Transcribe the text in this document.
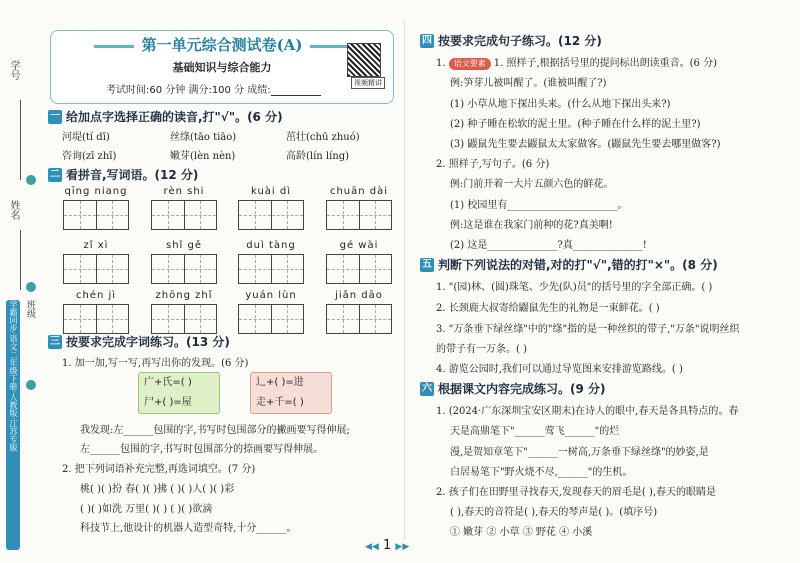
学号
姓名
班级
学霸同步·语文二年级下册·人教版·江苏专版
第一单元综合测试卷(A)
基础知识与综合能力
考试时间:60 分钟 满分:100 分 成绩:
视频精讲
一 给加点字选择正确的读音,打"√"。(6 分)
河堤(tí dī)	丝绦(tāo tiāo)	茁壮(chū zhuó)
咨询(zī zhī)	嫩芽(lèn nèn)	高龄(lín líng)
二 看拼音,写词语。(12 分)
qīng niang	rèn shi	kuài dì	chuān dài
zǐ xì	shǐ gě	duì tàng	gé wài
chén jì	zhōng zhǐ	yuán lùn	jiǎn dāo
三 按要求完成字词练习。(13 分)
1. 加一加,写一写,再写出你的发现。(6 分)
广+氏=( )
尸+( )=屋
辶+( )=进
走+千=( )
我发现:左______包围的字,书写时包围部分的撇画要写得伸展;
左______包围的字,书写时包围部分的捺画要写得伸展。
2. 把下列词语补充完整,再选词填空。(7 分)
桃( )( )扮 春( )( )拂 ( )( )人( )( )彩
( )( )如洗 万里( )( ) ( )( )欲滴
科技节上,他设计的机器人造型奇特,十分______。
四 按要求完成句子练习。(12 分)
1. 语文要素 1. 照样子,根据括号里的提问标出朗读重音。(6 分)
例:笋芽儿被叫醒了。(谁被叫醒了?)
(1) 小草从地下探出头来。(什么从地下探出头来?)
(2) 种子睡在松软的泥土里。(种子睡在什么样的泥土里?)
(3) 鼹鼠先生要去鼹鼠太太家做客。(鼹鼠先生要去哪里做客?)
2. 照样子,写句子。(6 分)
例:门前开着一大片五颜六色的鲜花。
(1) 校园里有______________________。
例:这是谁在我家门前种的花?真美啊!
(2) 这是______________?真______________!
五 判断下列说法的对错,对的打"√",错的打"×"。(8 分)
1. "(园)林、(圆)珠笔、少先(队)员"的括号里的字全部正确。( )
2. 长颈鹿大叔寄给鼹鼠先生的礼物是一束鲜花。( )
3. "万条垂下绿丝绦"中的"绦"指的是一种丝织的带子,"万条"说明丝织
的带子有一万条。( )
4. 游览公园时,我们可以通过导览图来安排游览路线。( )
六 根据课文内容完成练习。(9 分)
1. (2024·广东深圳宝安区期末)在诗人的眼中,春天是各具特点的。春
天是高鼎笔下"______莺飞______"的烂
漫,是贺知章笔下"______一树高,万条垂下绿丝绦"的妙姿,是
白居易笔下"野火烧不尽,______"的生机。
2. 孩子们在田野里寻找春天,发现春天的眉毛是( ),春天的眼睛是
( ),春天的音符是( ),春天的琴声是( )。(填序号)
① 嫩芽 ② 小草 ③ 野花 ④ 小溪
◀◀ 1 ▶▶
